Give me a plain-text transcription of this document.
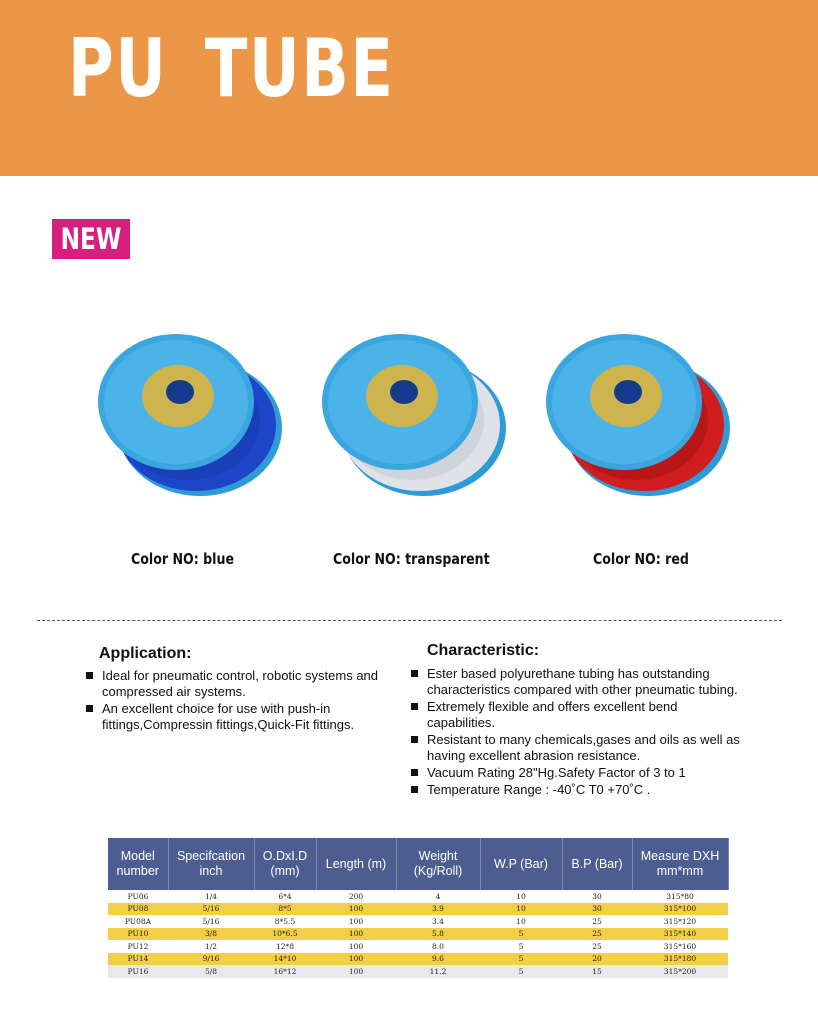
PU TUBE
NEW
Color NO: blue	Color NO: transparent	Color NO: red
Application:
Ideal for pneumatic control, robotic systems and compressed air systems.
An excellent choice for use with push-in fittings,Compressin fittings,Quick-Fit fittings.
Characteristic:
Ester based polyurethane tubing has outstanding characteristics compared with other pneumatic tubing.
Extremely flexible and offers excellent bend capabilities.
Resistant to many chemicals,gases and oils as well as having excellent abrasion resistance.
Vacuum Rating 28"Hg.Safety Factor of 3 to 1
Temperature Range : -40˚C T0 +70˚C .
Model number	Specifcation inch	O.DxI.D (mm)	Length (m)	Weight (Kg/Roll)	W.P (Bar)	B.P (Bar)	Measure DXH mm*mm
PU06	1/4	6*4	200	4	10	30	315*80
PU08	5/16	8*5	100	3.9	10	30	315*100
PU08A	5/16	8*5.5	100	3.4	10	25	315*120
PU10	3/8	10*6.5	100	5.8	5	25	315*140
PU12	1/2	12*8	100	8.0	5	25	315*160
PU14	9/16	14*10	100	9.6	5	20	315*180
PU16	5/8	16*12	100	11.2	5	15	315*200
